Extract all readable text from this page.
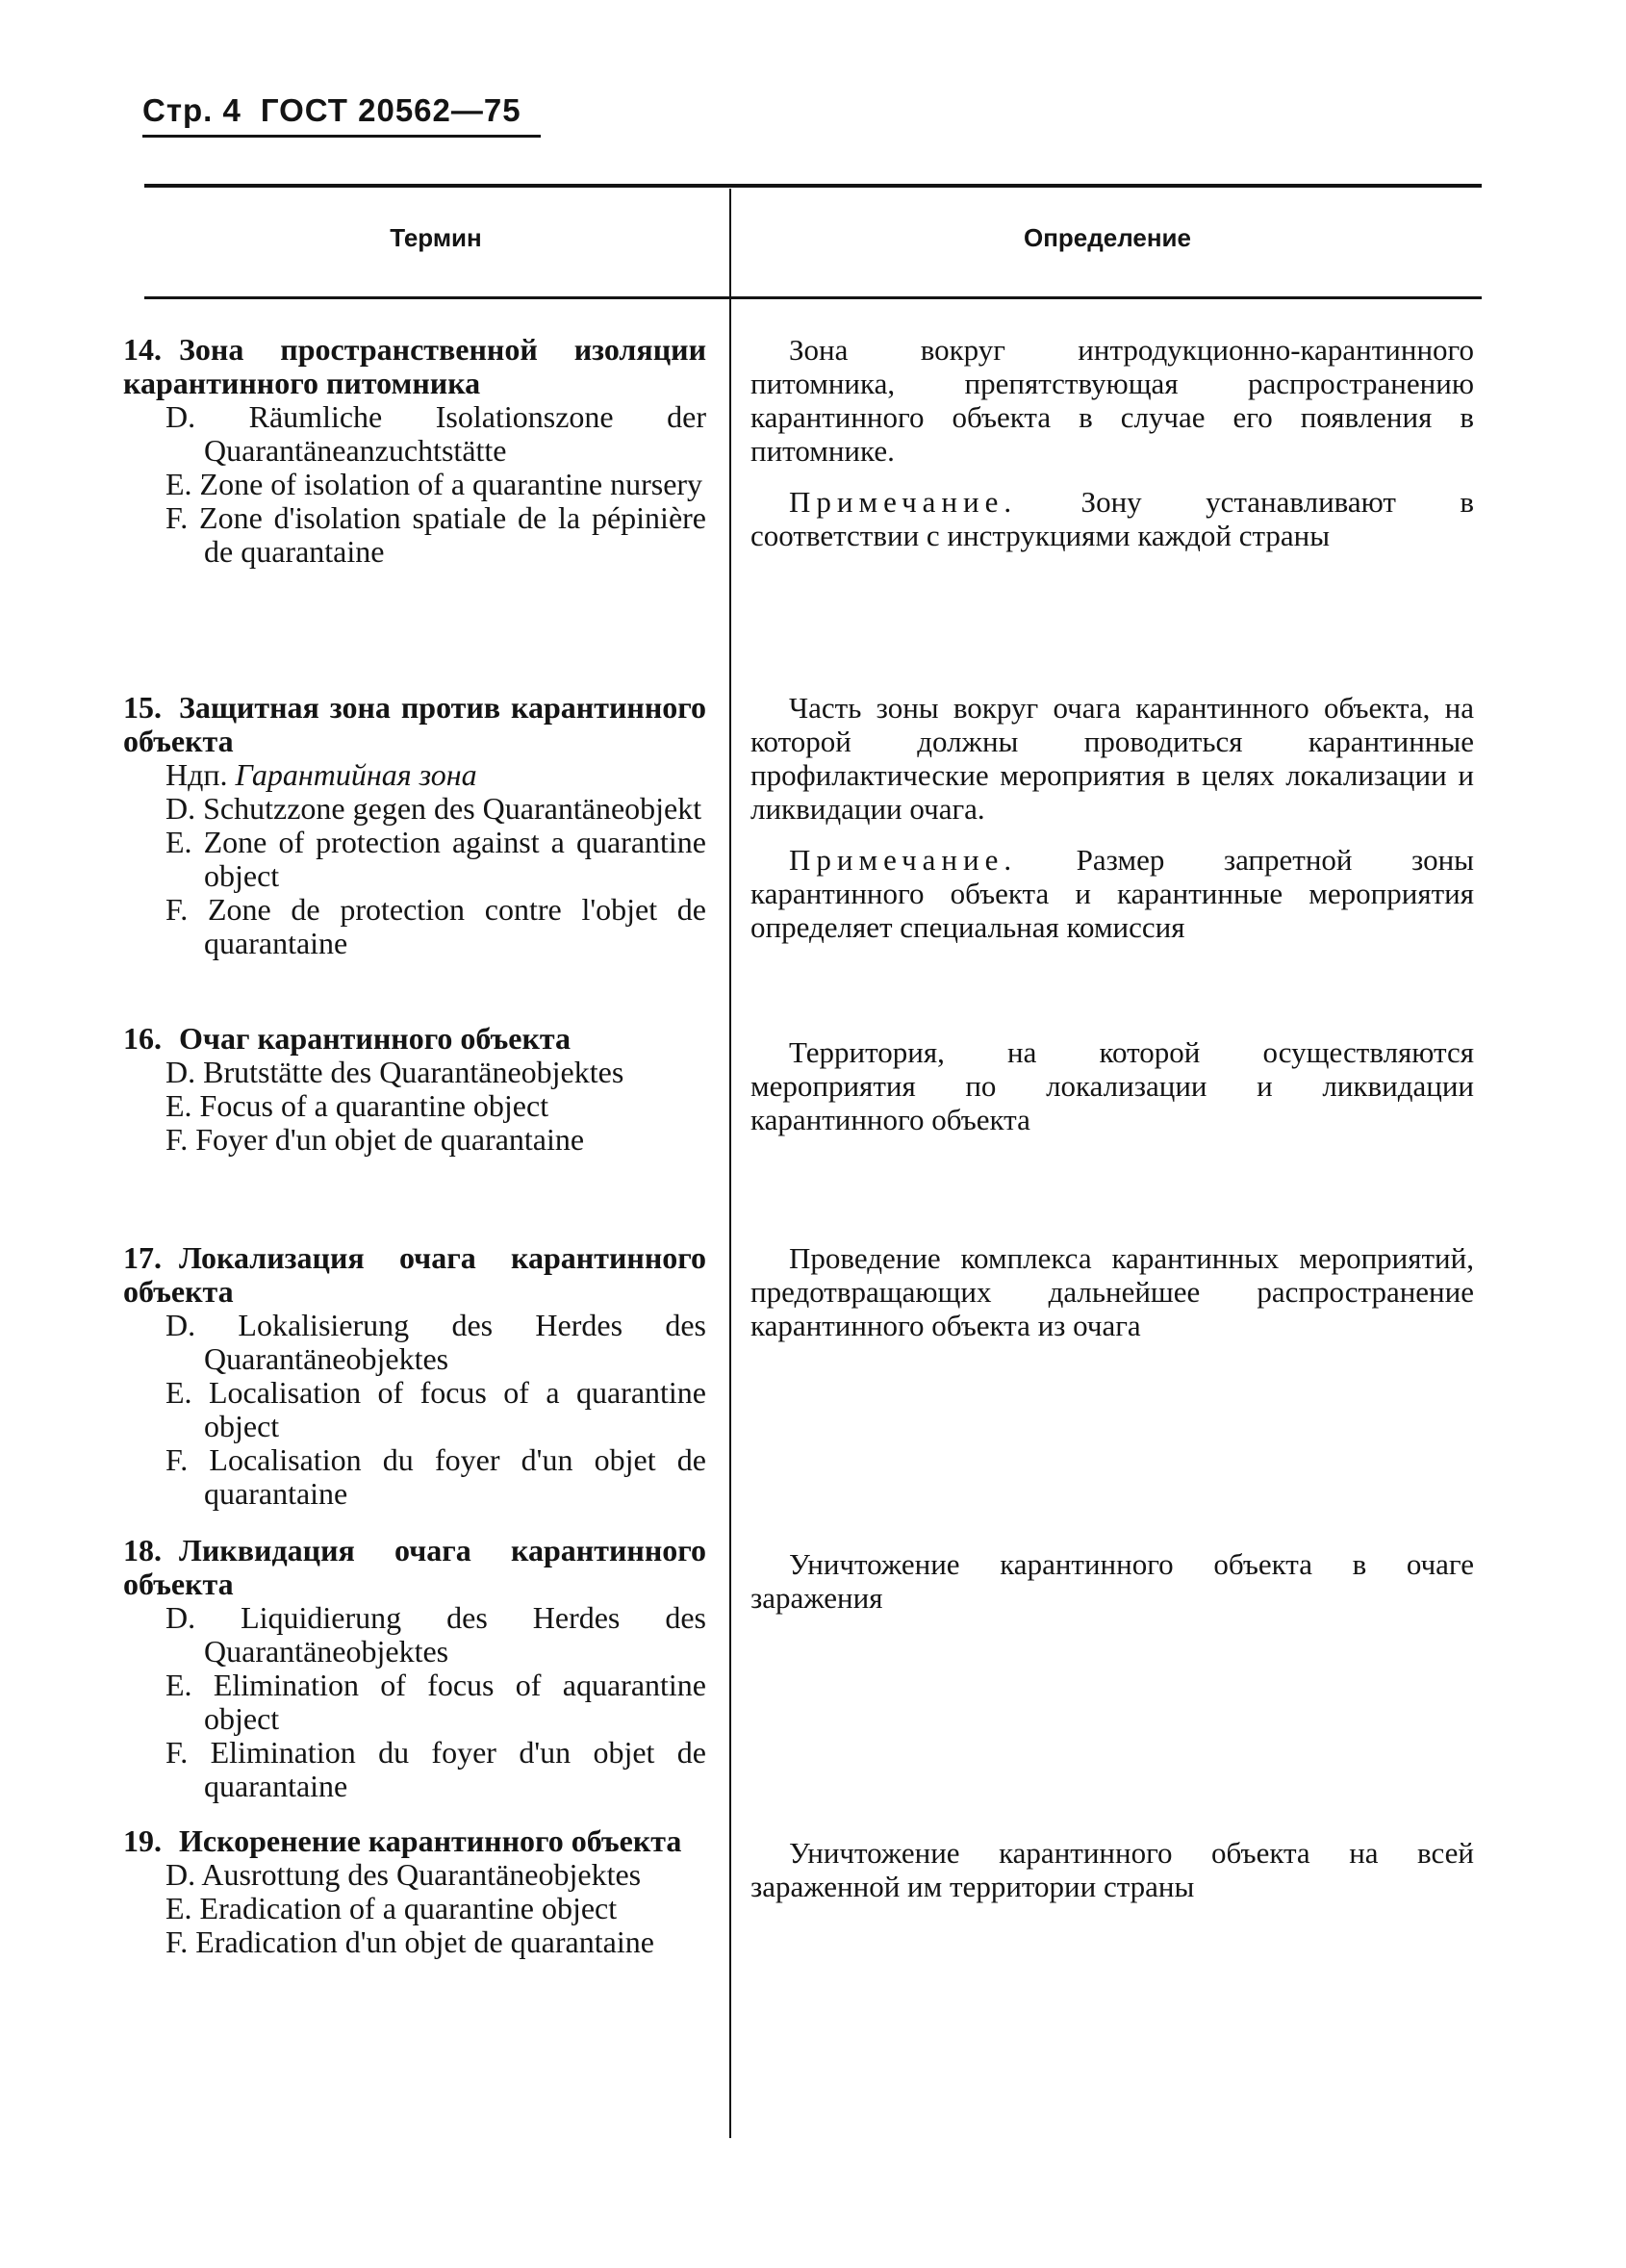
Стр. 4 ГОСТ 20562—75
Термин	Определение
14. Зона пространственной изоляции карантинного питомника
D. Räumliche Isolationszone der Quarantäneanzuchtstätte
E. Zone of isolation of a quarantine nursery
F. Zone d'isolation spatiale de la pépinière de quarantaine
Зона вокруг интродукционно-карантинного питомника, препятствующая распространению карантинного объекта в случае его появления в питомнике.
Примечание. Зону устанавливают в соответствии с инструкциями каждой страны
15. Защитная зона против карантинного объекта
Ндп. Гарантийная зона
D. Schutzzone gegen des Quarantäneobjekt
E. Zone of protection against a quarantine object
F. Zone de protection contre l'objet de quarantaine
Часть зоны вокруг очага карантинного объекта, на которой должны проводиться карантинные профилактические мероприятия в целях локализации и ликвидации очага.
Примечание. Размер запретной зоны карантинного объекта и карантинные мероприятия определяет специальная комиссия
16. Очаг карантинного объекта
D. Brutstätte des Quarantäneobjektes
E. Focus of a quarantine object
F. Foyer d'un objet de quarantaine
Территория, на которой осуществляются мероприятия по локализации и ликвидации карантинного объекта
17. Локализация очага карантинного объекта
D. Lokalisierung des Herdes des Quarantäneobjektes
E. Localisation of focus of a quarantine object
F. Localisation du foyer d'un objet de quarantaine
Проведение комплекса карантинных мероприятий, предотвращающих дальнейшее распространение карантинного объекта из очага
18. Ликвидация очага карантинного объекта
D. Liquidierung des Herdes des Quarantäneobjektes
E. Elimination of focus of aquarantine object
F. Elimination du foyer d'un objet de quarantaine
Уничтожение карантинного объекта в очаге заражения
19. Искоренение карантинного объекта
D. Ausrottung des Quarantäneobjektes
E. Eradication of a quarantine object
F. Eradication d'un objet de quarantaine
Уничтожение карантинного объекта на всей зараженной им территории страны
